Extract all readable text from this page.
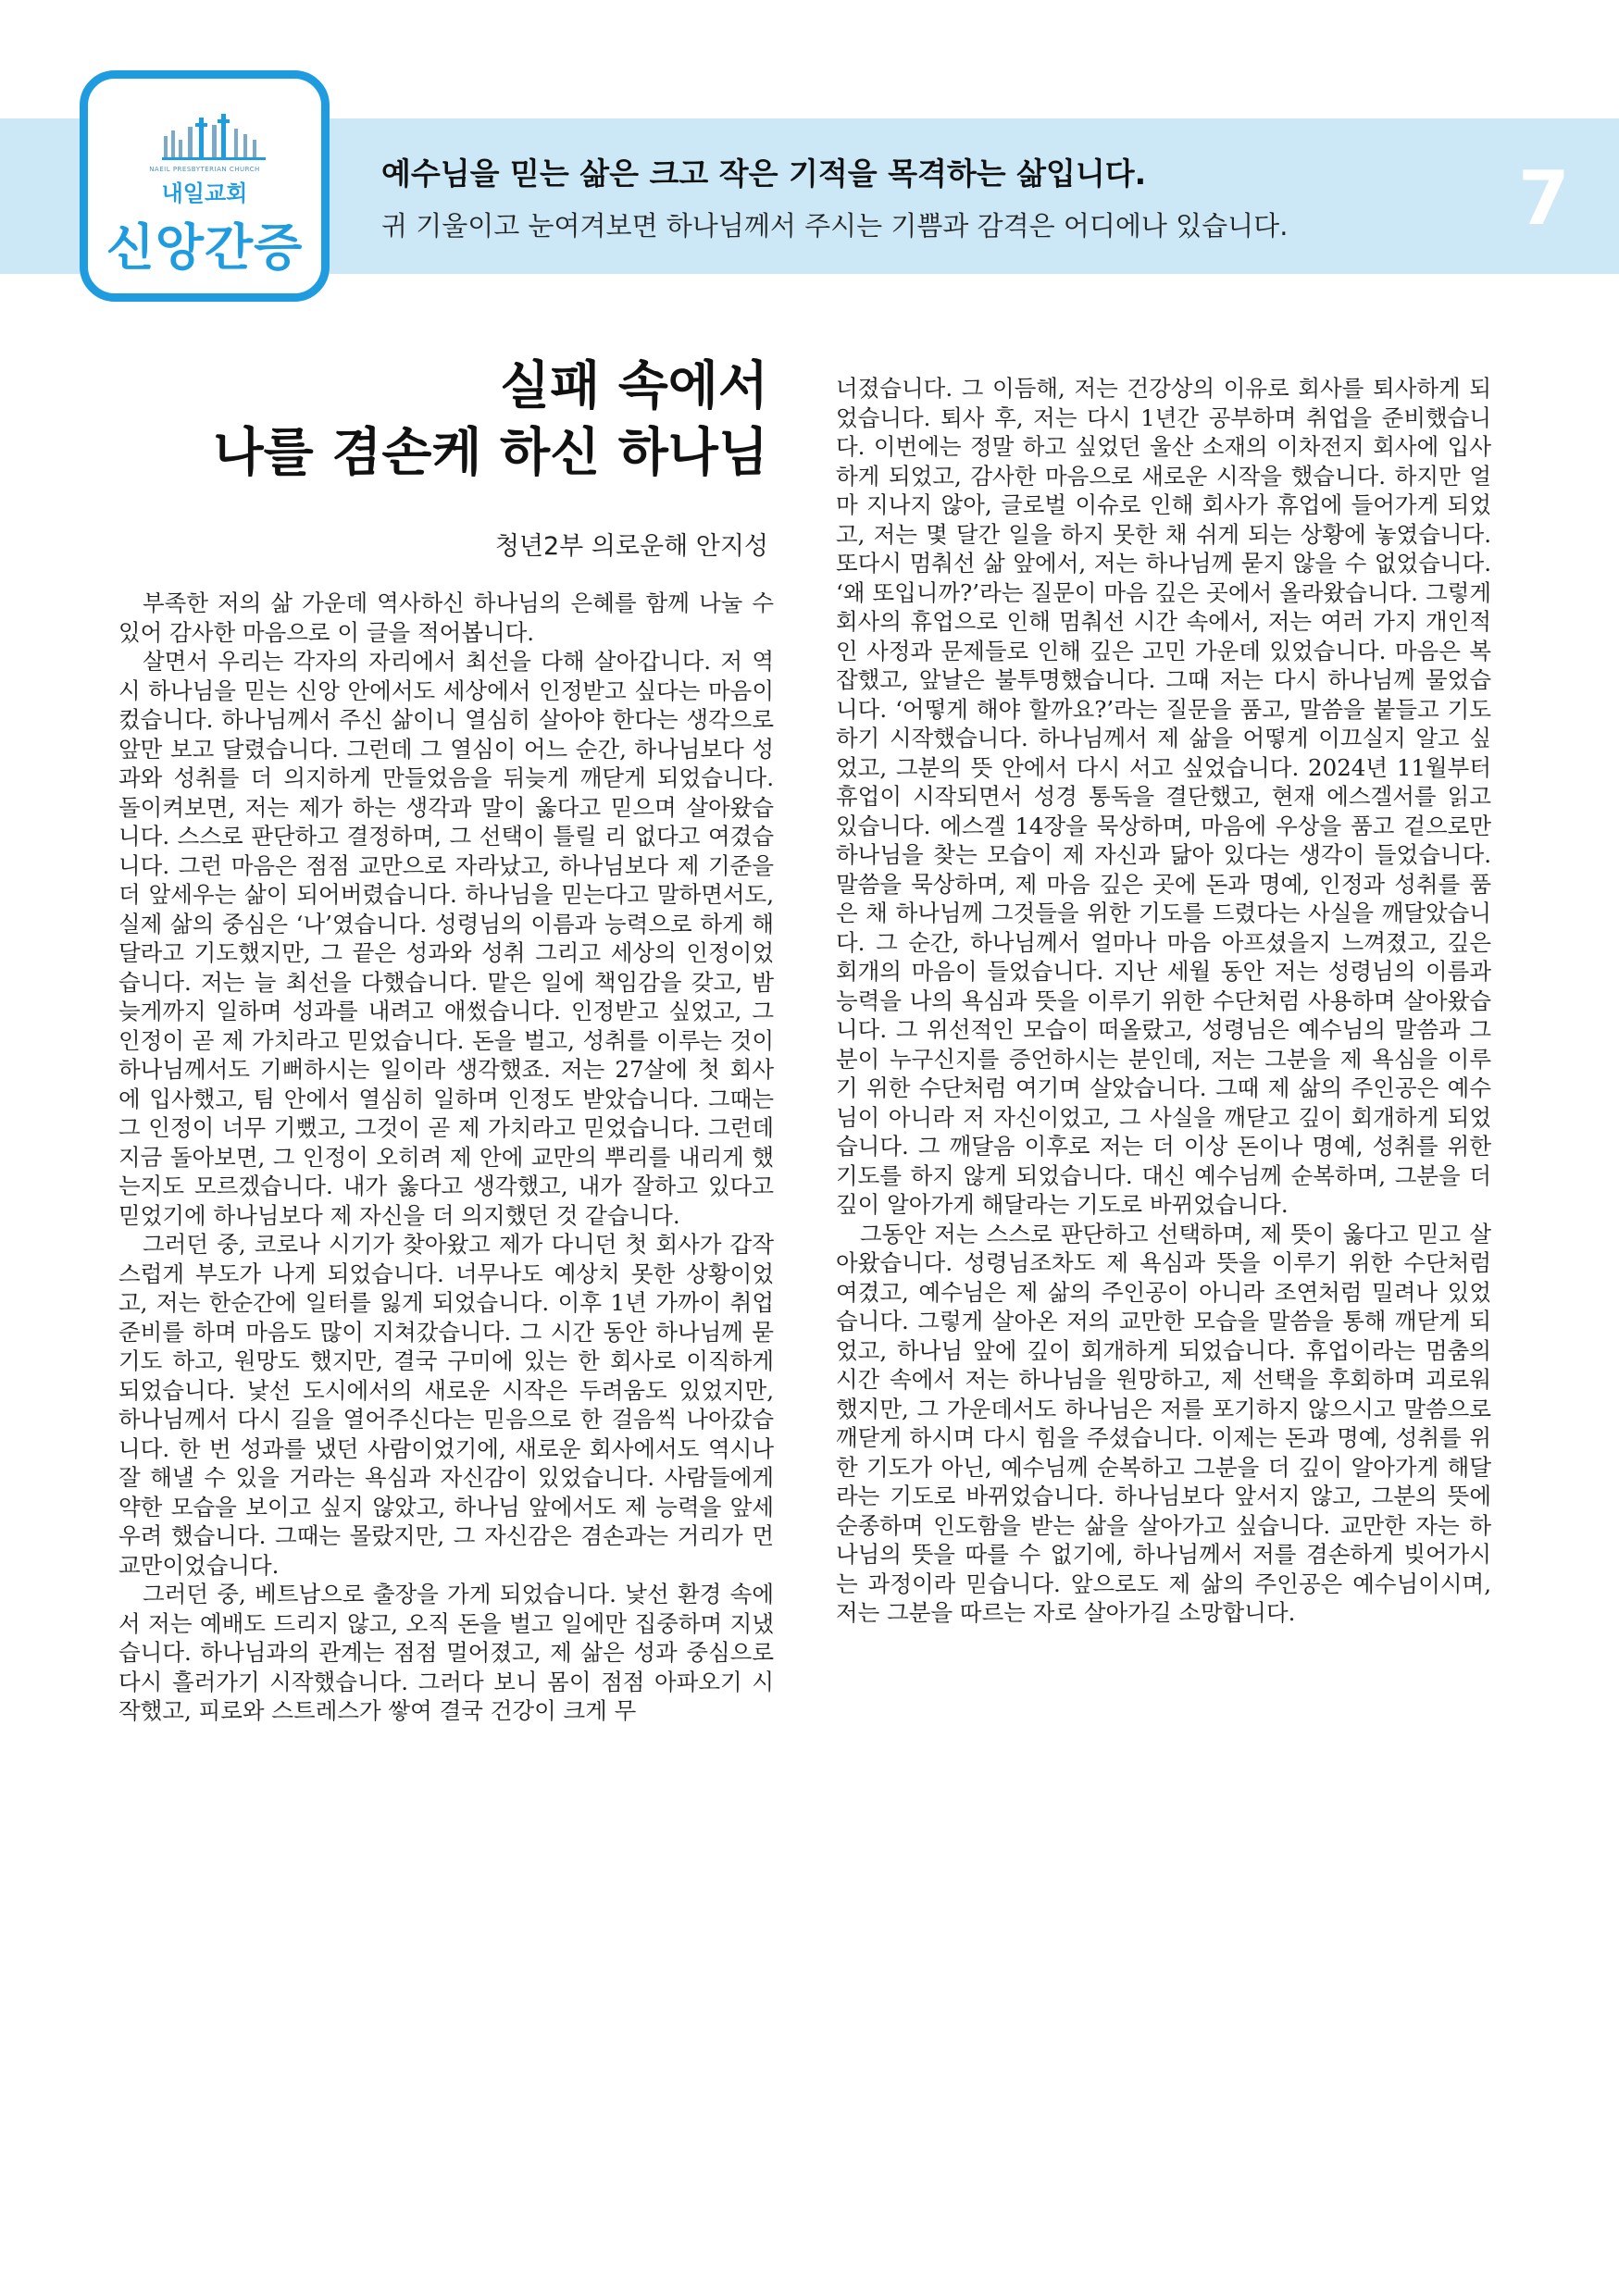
NAEIL PRESBYTERIAN CHURCH
내일교회
신앙간증
예수님을 믿는 삶은 크고 작은 기적을 목격하는 삶입니다.
귀 기울이고 눈여겨보면 하나님께서 주시는 기쁨과 감격은 어디에나 있습니다.	7
실패 속에서
나를 겸손케 하신 하나님
청년2부 의로운해 안지성

부족한 저의 삶 가운데 역사하신 하나님의 은혜를 함께 나눌 수 있어 감사한 마음으로 이 글을 적어봅니다.

살면서 우리는 각자의 자리에서 최선을 다해 살아갑니다. 저 역시 하나님을 믿는 신앙 안에서도 세상에서 인정받고 싶다는 마음이 컸습니다. 하나님께서 주신 삶이니 열심히 살아야 한다는 생각으로 앞만 보고 달렸습니다. 그런데 그 열심이 어느 순간, 하나님보다 성과와 성취를 더 의지하게 만들었음을 뒤늦게 깨닫게 되었습니다. 돌이켜보면, 저는 제가 하는 생각과 말이 옳다고 믿으며 살아왔습니다. 스스로 판단하고 결정하며, 그 선택이 틀릴 리 없다고 여겼습니다. 그런 마음은 점점 교만으로 자라났고, 하나님보다 제 기준을 더 앞세우는 삶이 되어버렸습니다. 하나님을 믿는다고 말하면서도, 실제 삶의 중심은 ‘나’였습니다. 성령님의 이름과 능력으로 하게 해달라고 기도했지만, 그 끝은 성과와 성취 그리고 세상의 인정이었습니다. 저는 늘 최선을 다했습니다. 맡은 일에 책임감을 갖고, 밤늦게까지 일하며 성과를 내려고 애썼습니다. 인정받고 싶었고, 그 인정이 곧 제 가치라고 믿었습니다. 돈을 벌고, 성취를 이루는 것이 하나님께서도 기뻐하시는 일이라 생각했죠. 저는 27살에 첫 회사에 입사했고, 팀 안에서 열심히 일하며 인정도 받았습니다. 그때는 그 인정이 너무 기뻤고, 그것이 곧 제 가치라고 믿었습니다. 그런데 지금 돌아보면, 그 인정이 오히려 제 안에 교만의 뿌리를 내리게 했는지도 모르겠습니다. 내가 옳다고 생각했고, 내가 잘하고 있다고 믿었기에 하나님보다 제 자신을 더 의지했던 것 같습니다.

그러던 중, 코로나 시기가 찾아왔고 제가 다니던 첫 회사가 갑작스럽게 부도가 나게 되었습니다. 너무나도 예상치 못한 상황이었고, 저는 한순간에 일터를 잃게 되었습니다. 이후 1년 가까이 취업 준비를 하며 마음도 많이 지쳐갔습니다. 그 시간 동안 하나님께 묻기도 하고, 원망도 했지만, 결국 구미에 있는 한 회사로 이직하게 되었습니다. 낯선 도시에서의 새로운 시작은 두려움도 있었지만, 하나님께서 다시 길을 열어주신다는 믿음으로 한 걸음씩 나아갔습니다. 한 번 성과를 냈던 사람이었기에, 새로운 회사에서도 역시나 잘 해낼 수 있을 거라는 욕심과 자신감이 있었습니다. 사람들에게 약한 모습을 보이고 싶지 않았고, 하나님 앞에서도 제 능력을 앞세우려 했습니다. 그때는 몰랐지만, 그 자신감은 겸손과는 거리가 먼 교만이었습니다.

그러던 중, 베트남으로 출장을 가게 되었습니다. 낯선 환경 속에서 저는 예배도 드리지 않고, 오직 돈을 벌고 일에만 집중하며 지냈습니다. 하나님과의 관계는 점점 멀어졌고, 제 삶은 성과 중심으로 다시 흘러가기 시작했습니다. 그러다 보니 몸이 점점 아파오기 시작했고, 피로와 스트레스가 쌓여 결국 건강이 크게 무

너졌습니다. 그 이듬해, 저는 건강상의 이유로 회사를 퇴사하게 되었습니다. 퇴사 후, 저는 다시 1년간 공부하며 취업을 준비했습니다. 이번에는 정말 하고 싶었던 울산 소재의 이차전지 회사에 입사하게 되었고, 감사한 마음으로 새로운 시작을 했습니다. 하지만 얼마 지나지 않아, 글로벌 이슈로 인해 회사가 휴업에 들어가게 되었고, 저는 몇 달간 일을 하지 못한 채 쉬게 되는 상황에 놓였습니다. 또다시 멈춰선 삶 앞에서, 저는 하나님께 묻지 않을 수 없었습니다. ‘왜 또입니까?’라는 질문이 마음 깊은 곳에서 올라왔습니다. 그렇게 회사의 휴업으로 인해 멈춰선 시간 속에서, 저는 여러 가지 개인적인 사정과 문제들로 인해 깊은 고민 가운데 있었습니다. 마음은 복잡했고, 앞날은 불투명했습니다. 그때 저는 다시 하나님께 물었습니다. ‘어떻게 해야 할까요?’라는 질문을 품고, 말씀을 붙들고 기도하기 시작했습니다. 하나님께서 제 삶을 어떻게 이끄실지 알고 싶었고, 그분의 뜻 안에서 다시 서고 싶었습니다. 2024년 11월부터 휴업이 시작되면서 성경 통독을 결단했고, 현재 에스겔서를 읽고 있습니다. 에스겔 14장을 묵상하며, 마음에 우상을 품고 겉으로만 하나님을 찾는 모습이 제 자신과 닮아 있다는 생각이 들었습니다. 말씀을 묵상하며, 제 마음 깊은 곳에 돈과 명예, 인정과 성취를 품은 채 하나님께 그것들을 위한 기도를 드렸다는 사실을 깨달았습니다. 그 순간, 하나님께서 얼마나 마음 아프셨을지 느껴졌고, 깊은 회개의 마음이 들었습니다. 지난 세월 동안 저는 성령님의 이름과 능력을 나의 욕심과 뜻을 이루기 위한 수단처럼 사용하며 살아왔습니다. 그 위선적인 모습이 떠올랐고, 성령님은 예수님의 말씀과 그분이 누구신지를 증언하시는 분인데, 저는 그분을 제 욕심을 이루기 위한 수단처럼 여기며 살았습니다. 그때 제 삶의 주인공은 예수님이 아니라 저 자신이었고, 그 사실을 깨닫고 깊이 회개하게 되었습니다. 그 깨달음 이후로 저는 더 이상 돈이나 명예, 성취를 위한 기도를 하지 않게 되었습니다. 대신 예수님께 순복하며, 그분을 더 깊이 알아가게 해달라는 기도로 바뀌었습니다.

그동안 저는 스스로 판단하고 선택하며, 제 뜻이 옳다고 믿고 살아왔습니다. 성령님조차도 제 욕심과 뜻을 이루기 위한 수단처럼 여겼고, 예수님은 제 삶의 주인공이 아니라 조연처럼 밀려나 있었습니다. 그렇게 살아온 저의 교만한 모습을 말씀을 통해 깨닫게 되었고, 하나님 앞에 깊이 회개하게 되었습니다. 휴업이라는 멈춤의 시간 속에서 저는 하나님을 원망하고, 제 선택을 후회하며 괴로워했지만, 그 가운데서도 하나님은 저를 포기하지 않으시고 말씀으로 깨닫게 하시며 다시 힘을 주셨습니다. 이제는 돈과 명예, 성취를 위한 기도가 아닌, 예수님께 순복하고 그분을 더 깊이 알아가게 해달라는 기도로 바뀌었습니다. 하나님보다 앞서지 않고, 그분의 뜻에 순종하며 인도함을 받는 삶을 살아가고 싶습니다. 교만한 자는 하나님의 뜻을 따를 수 없기에, 하나님께서 저를 겸손하게 빚어가시는 과정이라 믿습니다. 앞으로도 제 삶의 주인공은 예수님이시며, 저는 그분을 따르는 자로 살아가길 소망합니다.
